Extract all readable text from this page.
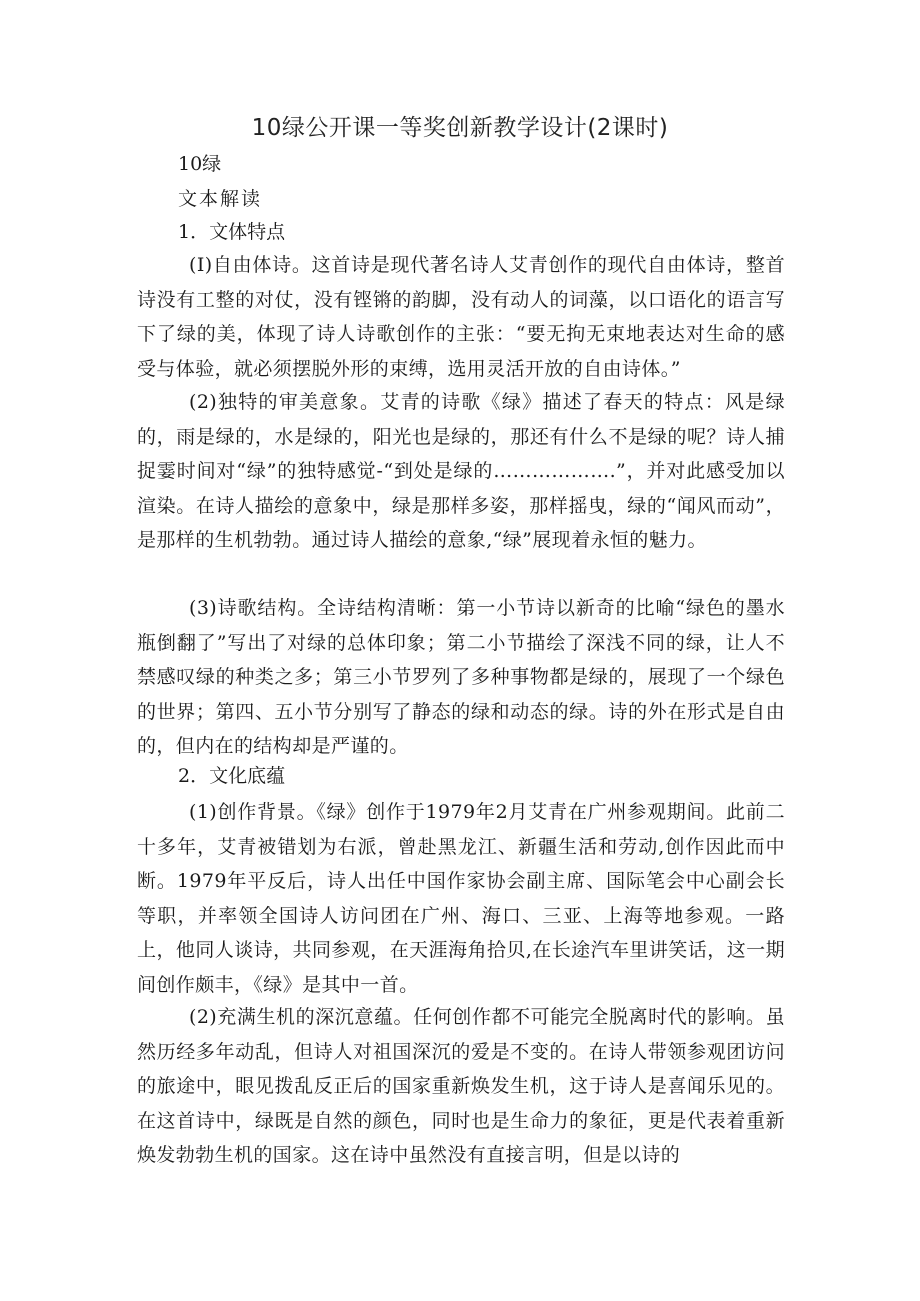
10绿公开课一等奖创新教学设计(2课时)
10绿
文本解读
1．文体特点
(I)自由体诗。这首诗是现代著名诗人艾青创作的现代自由体诗，整首诗没有工整的对仗，没有铿锵的韵脚，没有动人的词藻，以口语化的语言写下了绿的美，体现了诗人诗歌创作的主张：“要无拘无束地表达对生命的感受与体验，就必须摆脱外形的束缚，选用灵活开放的自由诗体。”
(2)独特的审美意象。艾青的诗歌《绿》描述了春天的特点：风是绿的，雨是绿的，水是绿的，阳光也是绿的，那还有什么不是绿的呢？诗人捕捉霎时间对“绿”的独特感觉-“到处是绿的……………….”，并对此感受加以渲染。在诗人描绘的意象中，绿是那样多姿，那样摇曳，绿的“闻风而动”，是那样的生机勃勃。通过诗人描绘的意象,“绿”展现着永恒的魅力。
(3)诗歌结构。全诗结构清晰：第一小节诗以新奇的比喻“绿色的墨水瓶倒翻了”写出了对绿的总体印象；第二小节描绘了深浅不同的绿，让人不禁感叹绿的种类之多；第三小节罗列了多种事物都是绿的，展现了一个绿色的世界；第四、五小节分别写了静态的绿和动态的绿。诗的外在形式是自由的，但内在的结构却是严谨的。
2．文化底蕴
(1)创作背景。《绿》创作于1979年2月艾青在广州参观期间。此前二十多年，艾青被错划为右派，曾赴黑龙江、新疆生活和劳动,创作因此而中断。1979年平反后，诗人出任中国作家协会副主席、国际笔会中心副会长等职，并率领全国诗人访问团在广州、海口、三亚、上海等地参观。一路上，他同人谈诗，共同参观，在天涯海角拾贝,在长途汽车里讲笑话，这一期间创作颇丰，《绿》是其中一首。
(2)充满生机的深沉意蕴。任何创作都不可能完全脱离时代的影响。虽然历经多年动乱，但诗人对祖国深沉的爱是不变的。在诗人带领参观团访问的旅途中，眼见拨乱反正后的国家重新焕发生机，这于诗人是喜闻乐见的。在这首诗中，绿既是自然的颜色，同时也是生命力的象征，更是代表着重新焕发勃勃生机的国家。这在诗中虽然没有直接言明，但是以诗的
